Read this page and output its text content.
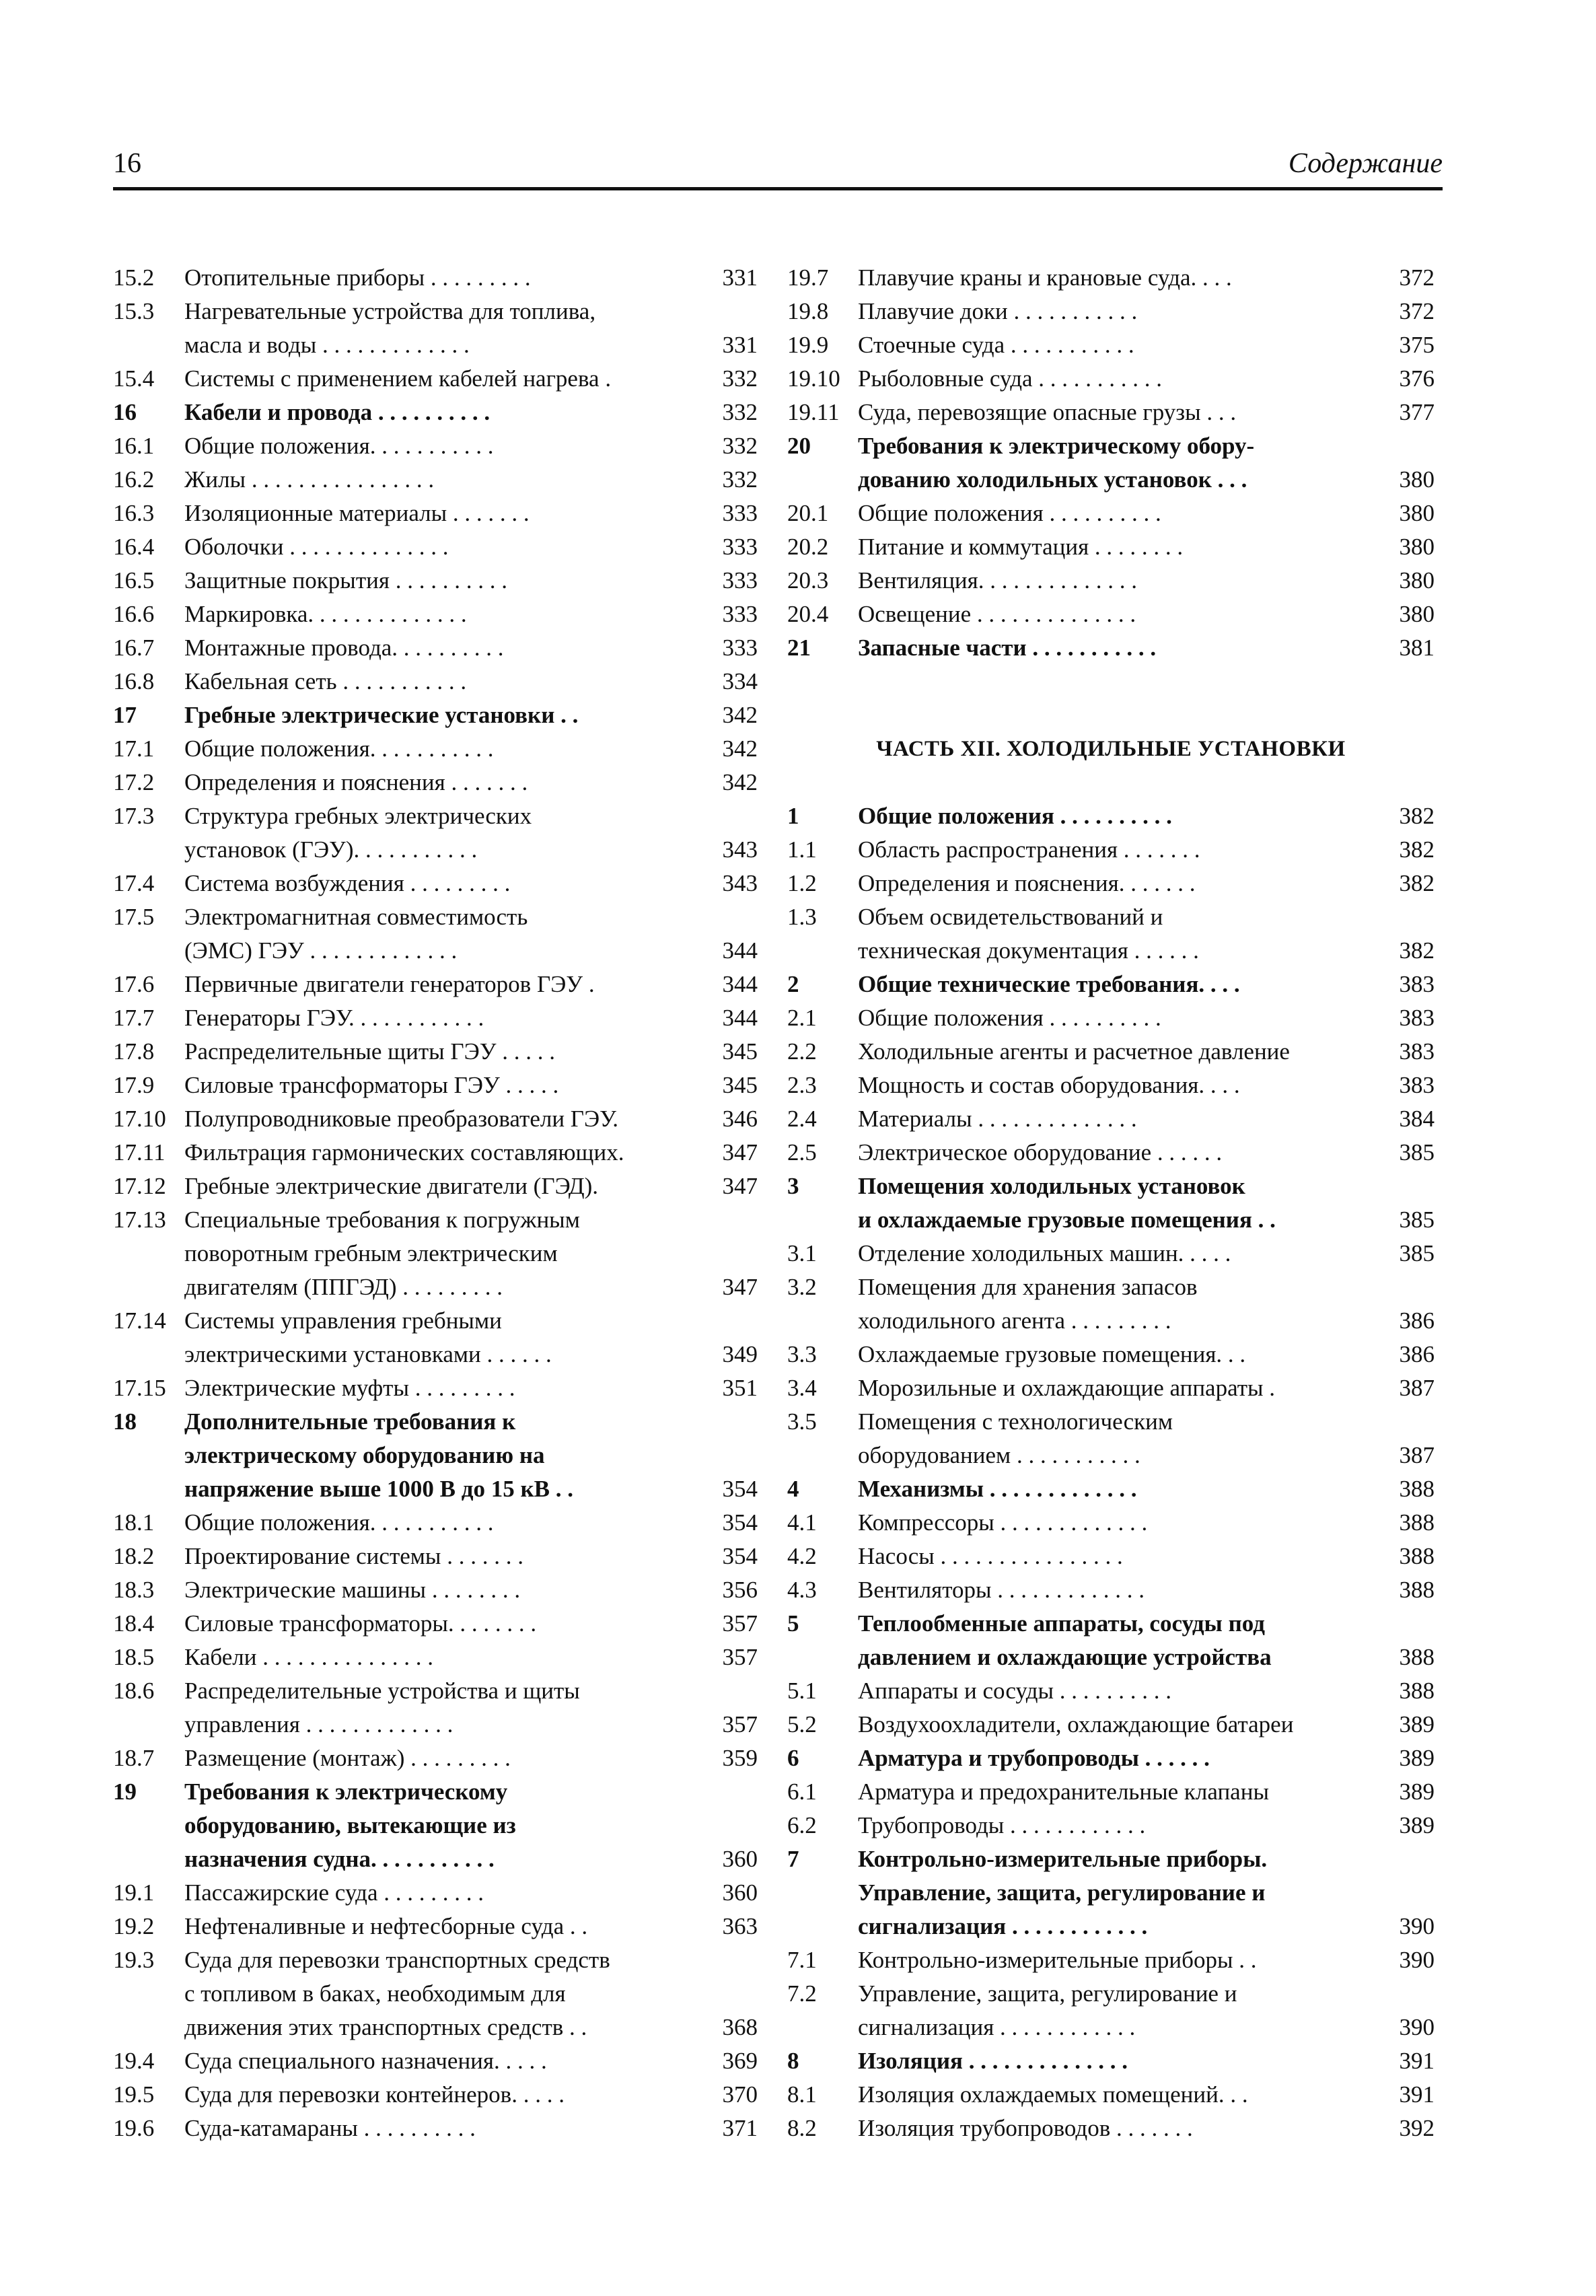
16	Содержание
15.2	Отопительные приборы . . . . . . . . .	331
15.3	Нагревательные устройства для топлива,
масла и воды . . . . . . . . . . . . .	331
15.4	Системы с применением кабелей нагрева .	332
16	Кабели и провода . . . . . . . . . .	332
16.1	Общие положения. . . . . . . . . . .	332
16.2	Жилы . . . . . . . . . . . . . . . .	332
16.3	Изоляционные материалы . . . . . . .	333
16.4	Оболочки . . . . . . . . . . . . . .	333
16.5	Защитные покрытия . . . . . . . . . .	333
16.6	Маркировка. . . . . . . . . . . . . .	333
16.7	Монтажные провода. . . . . . . . . .	333
16.8	Кабельная сеть . . . . . . . . . . .	334
17	Гребные электрические установки . .	342
17.1	Общие положения. . . . . . . . . . .	342
17.2	Определения и пояснения . . . . . . .	342
17.3	Структура гребных электрических
установок (ГЭУ). . . . . . . . . . .	343
17.4	Система возбуждения . . . . . . . . .	343
17.5	Электромагнитная совместимость
(ЭМС) ГЭУ . . . . . . . . . . . . .	344
17.6	Первичные двигатели генераторов ГЭУ .	344
17.7	Генераторы ГЭУ. . . . . . . . . . . .	344
17.8	Распределительные щиты ГЭУ . . . . .	345
17.9	Силовые трансформаторы ГЭУ . . . . .	345
17.10 Полупроводниковые преобразователи ГЭУ.	346
17.11 Фильтрация гармонических составляющих.	347
17.12 Гребные электрические двигатели (ГЭД).	347
17.13 Специальные требования к погружным
поворотным гребным электрическим
двигателям (ППГЭД) . . . . . . . . .	347
17.14 Системы управления гребными
электрическими установками . . . . . .	349
17.15 Электрические муфты . . . . . . . . .	351
18	Дополнительные требования к
электрическому оборудованию на
напряжение выше 1000 В до 15 кВ . .	354
18.1	Общие положения. . . . . . . . . . .	354
18.2	Проектирование системы . . . . . . .	354
18.3	Электрические машины . . . . . . . .	356
18.4	Силовые трансформаторы. . . . . . . .	357
18.5	Кабели . . . . . . . . . . . . . . .	357
18.6	Распределительные устройства и щиты
управления . . . . . . . . . . . . .	357
18.7	Размещение (монтаж) . . . . . . . . .	359
19	Требования к электрическому
оборудованию, вытекающие из
назначения судна. . . . . . . . . . .	360
19.1	Пассажирские суда . . . . . . . . .	360
19.2	Нефтеналивные и нефтесборные суда . .	363
19.3	Суда для перевозки транспортных средств
с топливом в баках, необходимым для
движения этих транспортных средств . .	368
19.4	Суда специального назначения. . . . .	369
19.5	Суда для перевозки контейнеров. . . . .	370
19.6	Суда-катамараны . . . . . . . . . .	371
19.7	Плавучие краны и крановые суда. . . .	372
19.8	Плавучие доки . . . . . . . . . . .	372
19.9	Стоечные суда . . . . . . . . . . .	375
19.10 Рыболовные суда . . . . . . . . . . .	376
19.11 Суда, перевозящие опасные грузы . . .	377
20	Требования к электрическому обору-
дованию холодильных установок . . .	380
20.1	Общие положения . . . . . . . . . .	380
20.2	Питание и коммутация . . . . . . . .	380
20.3	Вентиляция. . . . . . . . . . . . . .	380
20.4	Освещение . . . . . . . . . . . . . .	380
21	Запасные части . . . . . . . . . . .	381
ЧАСТЬ XII. ХОЛОДИЛЬНЫЕ УСТАНОВКИ
1	Общие положения . . . . . . . . . .	382
1.1	Область распространения . . . . . . .	382
1.2	Определения и пояснения. . . . . . .	382
1.3	Объем освидетельствований и
техническая документация . . . . . .	382
2	Общие технические требования. . . .	383
2.1	Общие положения . . . . . . . . . .	383
2.2	Холодильные агенты и расчетное давление	383
2.3	Мощность и состав оборудования. . . .	383
2.4	Материалы . . . . . . . . . . . . . .	384
2.5	Электрическое оборудование . . . . . .	385
3	Помещения холодильных установок
и охлаждаемые грузовые помещения . .	385
3.1	Отделение холодильных машин. . . . .	385
3.2	Помещения для хранения запасов
холодильного агента . . . . . . . . .	386
3.3	Охлаждаемые грузовые помещения. . .	386
3.4	Морозильные и охлаждающие аппараты .	387
3.5	Помещения с технологическим
оборудованием . . . . . . . . . . .	387
4	Механизмы . . . . . . . . . . . . .	388
4.1	Компрессоры . . . . . . . . . . . . .	388
4.2	Насосы . . . . . . . . . . . . . . . .	388
4.3	Вентиляторы . . . . . . . . . . . . .	388
5	Теплообменные аппараты, сосуды под
давлением и охлаждающие устройства	388
5.1	Аппараты и сосуды . . . . . . . . . .	388
5.2	Воздухоохладители, охлаждающие батареи	389
6	Арматура и трубопроводы . . . . . .	389
6.1	Арматура и предохранительные клапаны	389
6.2	Трубопроводы . . . . . . . . . . . .	389
7	Контрольно-измерительные приборы.
Управление, защита, регулирование и
сигнализация . . . . . . . . . . . .	390
7.1	Контрольно-измерительные приборы . .	390
7.2	Управление, защита, регулирование и
сигнализация . . . . . . . . . . . .	390
8	Изоляция . . . . . . . . . . . . . .	391
8.1	Изоляция охлаждаемых помещений. . .	391
8.2	Изоляция трубопроводов . . . . . . .	392
